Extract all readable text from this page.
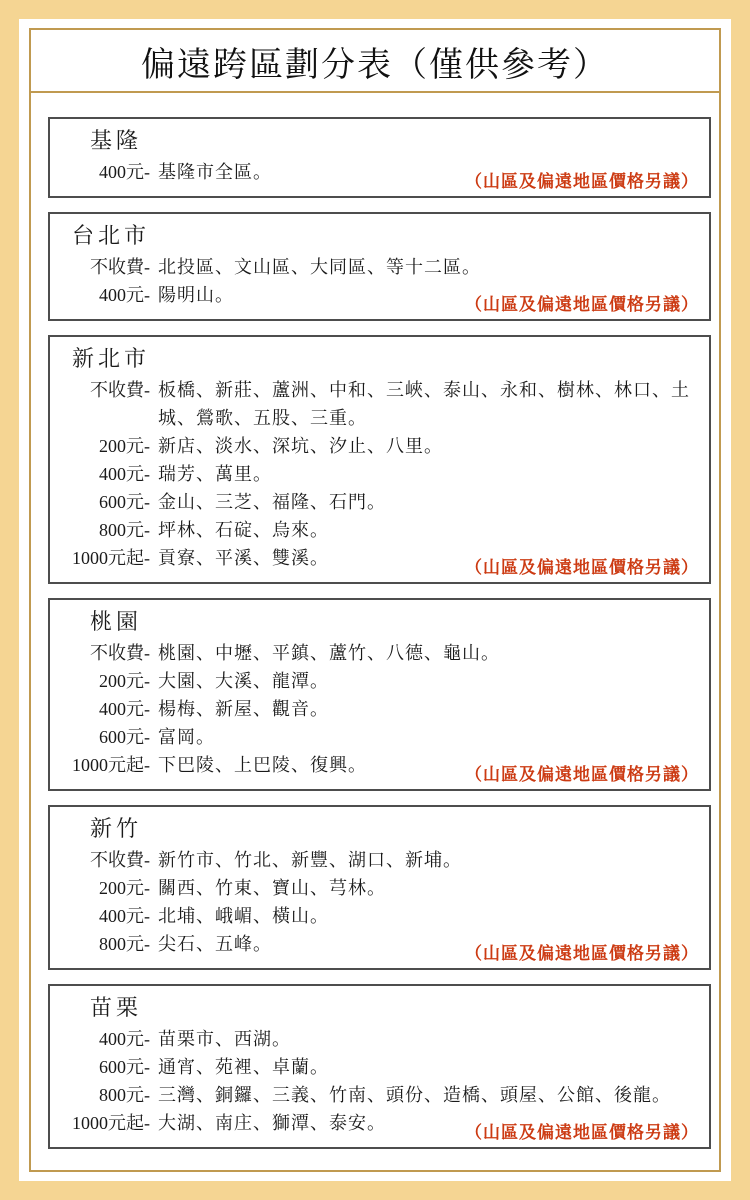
偏遠跨區劃分表（僅供參考）
基隆
400元- 基隆市全區。	（山區及偏遠地區價格另議）
台北市
不收費- 北投區、文山區、大同區、等十二區。
400元- 陽明山。	（山區及偏遠地區價格另議）
新北市
不收費- 板橋、新莊、蘆洲、中和、三峽、泰山、永和、樹林、林口、土城、鶯歌、五股、三重。
200元- 新店、淡水、深坑、汐止、八里。
400元- 瑞芳、萬里。
600元- 金山、三芝、福隆、石門。
800元- 坪林、石碇、烏來。
1000元起- 貢寮、平溪、雙溪。	（山區及偏遠地區價格另議）
桃園
不收費- 桃園、中壢、平鎮、蘆竹、八德、龜山。
200元- 大園、大溪、龍潭。
400元- 楊梅、新屋、觀音。
600元- 富岡。
1000元起- 下巴陵、上巴陵、復興。	（山區及偏遠地區價格另議）
新竹
不收費- 新竹市、竹北、新豐、湖口、新埔。
200元- 關西、竹東、寶山、芎林。
400元- 北埔、峨嵋、橫山。
800元- 尖石、五峰。	（山區及偏遠地區價格另議）
苗栗
400元- 苗栗市、西湖。
600元- 通宵、苑裡、卓蘭。
800元- 三灣、銅鑼、三義、竹南、頭份、造橋、頭屋、公館、後龍。
1000元起- 大湖、南庄、獅潭、泰安。	（山區及偏遠地區價格另議）
